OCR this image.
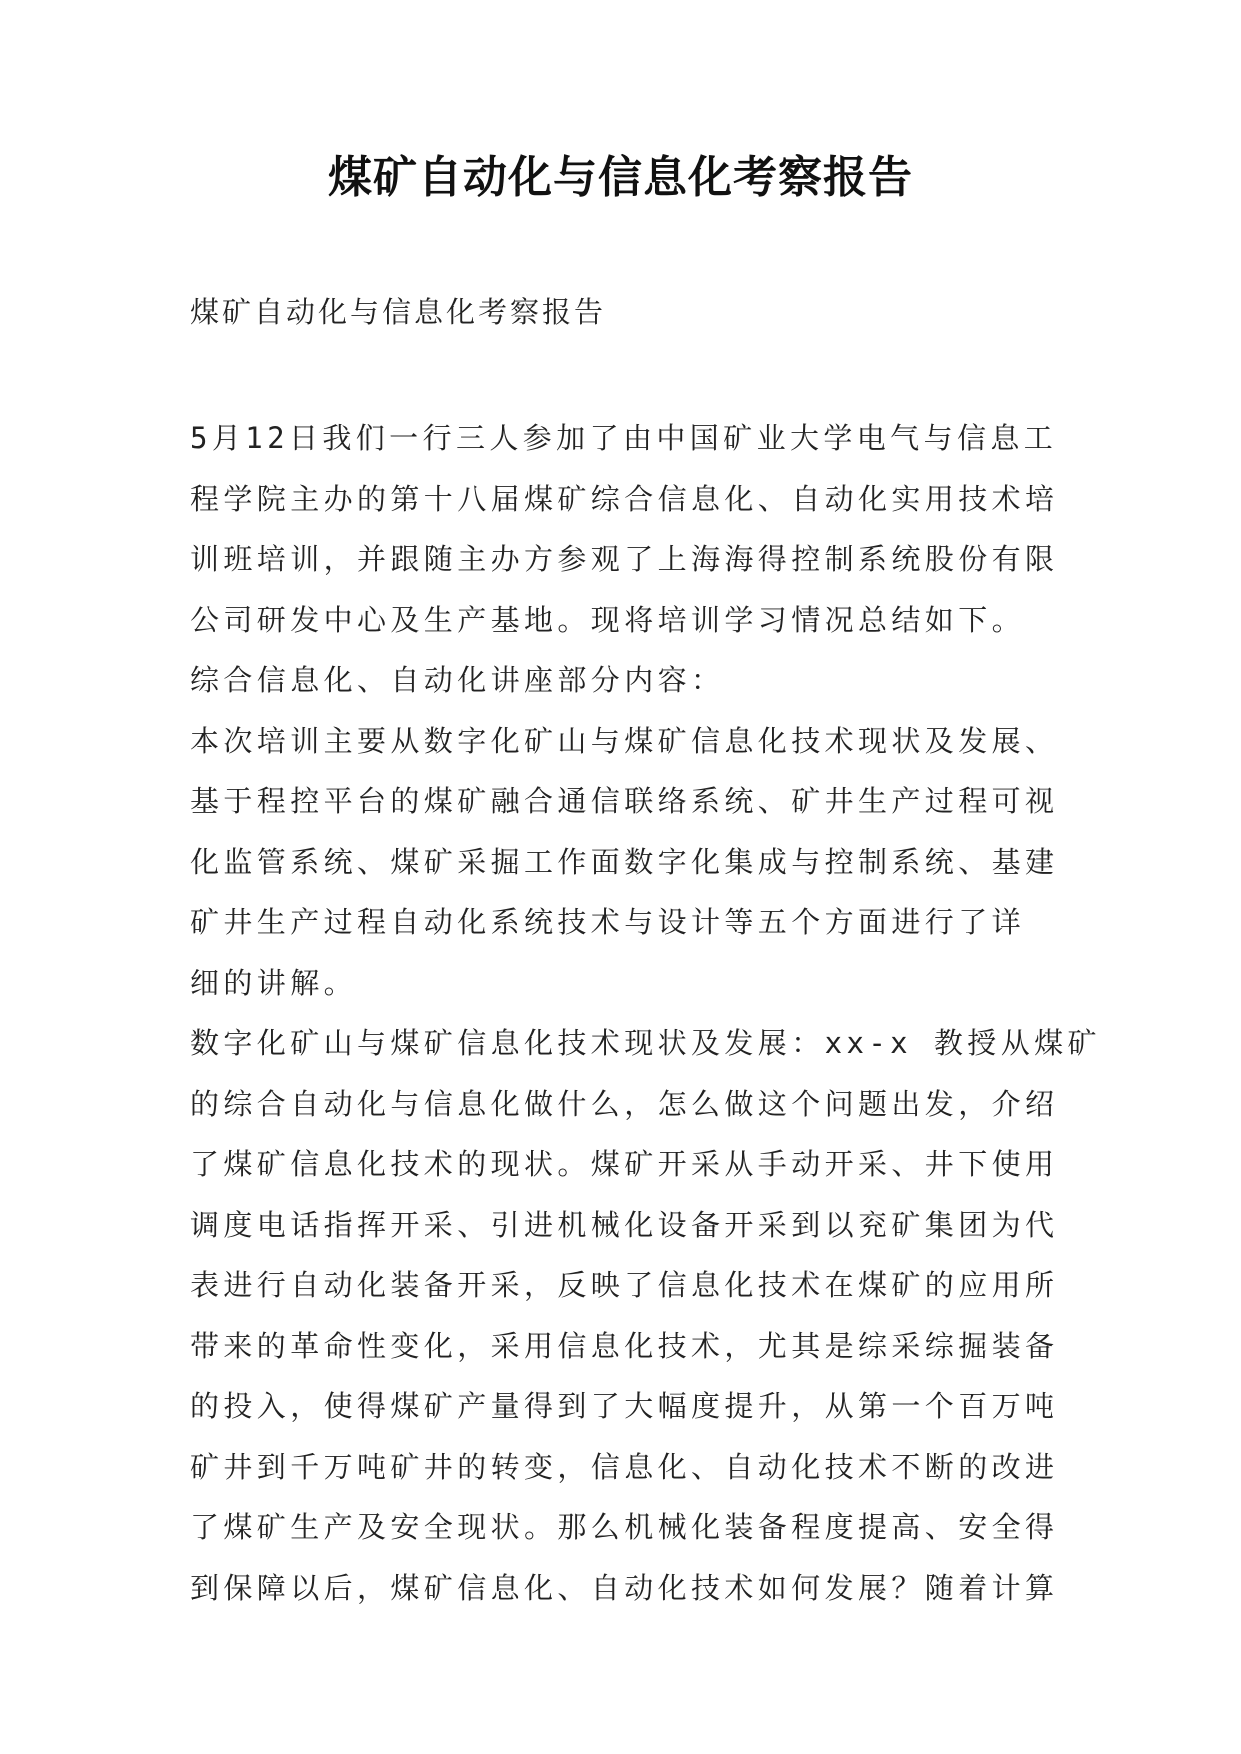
煤矿自动化与信息化考察报告

煤矿自动化与信息化考察报告

5月12日我们一行三人参加了由中国矿业大学电气与信息工
程学院主办的第十八届煤矿综合信息化、自动化实用技术培
训班培训，并跟随主办方参观了上海海得控制系统股份有限
公司研发中心及生产基地。现将培训学习情况总结如下。
综合信息化、自动化讲座部分内容：
本次培训主要从数字化矿山与煤矿信息化技术现状及发展、
基于程控平台的煤矿融合通信联络系统、矿井生产过程可视
化监管系统、煤矿采掘工作面数字化集成与控制系统、基建
矿井生产过程自动化系统技术与设计等五个方面进行了详
细的讲解。
数字化矿山与煤矿信息化技术现状及发展：xx-x 教授从煤矿
的综合自动化与信息化做什么，怎么做这个问题出发，介绍
了煤矿信息化技术的现状。煤矿开采从手动开采、井下使用
调度电话指挥开采、引进机械化设备开采到以兖矿集团为代
表进行自动化装备开采，反映了信息化技术在煤矿的应用所
带来的革命性变化，采用信息化技术，尤其是综采综掘装备
的投入，使得煤矿产量得到了大幅度提升，从第一个百万吨
矿井到千万吨矿井的转变，信息化、自动化技术不断的改进
了煤矿生产及安全现状。那么机械化装备程度提高、安全得
到保障以后，煤矿信息化、自动化技术如何发展？随着计算
